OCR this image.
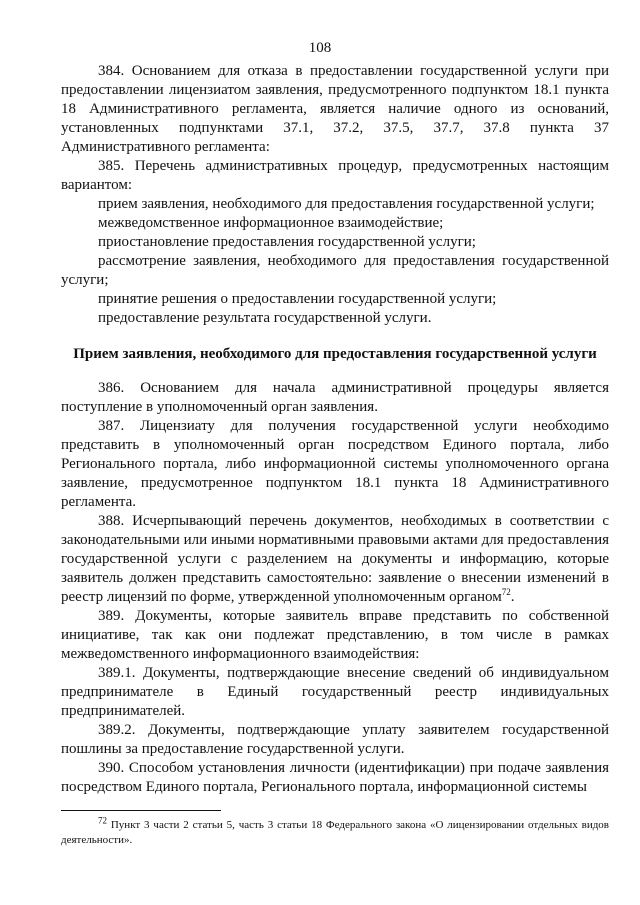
108

384. Основанием для отказа в предоставлении государственной услуги при предоставлении лицензиатом заявления, предусмотренного подпунктом 18.1 пункта 18 Административного регламента, является наличие одного из оснований, установленных подпунктами 37.1, 37.2, 37.5, 37.7, 37.8 пункта 37 Административного регламента:

385. Перечень административных процедур, предусмотренных настоящим вариантом:

прием заявления, необходимого для предоставления государственной услуги;

межведомственное информационное взаимодействие;

приостановление предоставления государственной услуги;

рассмотрение заявления, необходимого для предоставления государственной услуги;

принятие решения о предоставлении государственной услуги;

предоставление результата государственной услуги.

Прием заявления, необходимого для предоставления государственной услуги

386. Основанием для начала административной процедуры является поступление в уполномоченный орган заявления.

387. Лицензиату для получения государственной услуги необходимо представить в уполномоченный орган посредством Единого портала, либо Регионального портала, либо информационной системы уполномоченного органа заявление, предусмотренное подпунктом 18.1 пункта 18 Административного регламента.

388. Исчерпывающий перечень документов, необходимых в соответствии с законодательными или иными нормативными правовыми актами для предоставления государственной услуги с разделением на документы и информацию, которые заявитель должен представить самостоятельно: заявление о внесении изменений в реестр лицензий по форме, утвержденной уполномоченным органом$^{72}$.

389. Документы, которые заявитель вправе представить по собственной инициативе, так как они подлежат представлению, в том числе в рамках межведомственного информационного взаимодействия:

389.1. Документы, подтверждающие внесение сведений об индивидуальном предпринимателе в Единый государственный реестр индивидуальных предпринимателей.

389.2. Документы, подтверждающие уплату заявителем государственной пошлины за предоставление государственной услуги.

390. Способом установления личности (идентификации) при подаче заявления посредством Единого портала, Регионального портала, информационной системы

$^{72}$ Пункт 3 части 2 статьи 5, часть 3 статьи 18 Федерального закона «О лицензировании отдельных видов деятельности».
